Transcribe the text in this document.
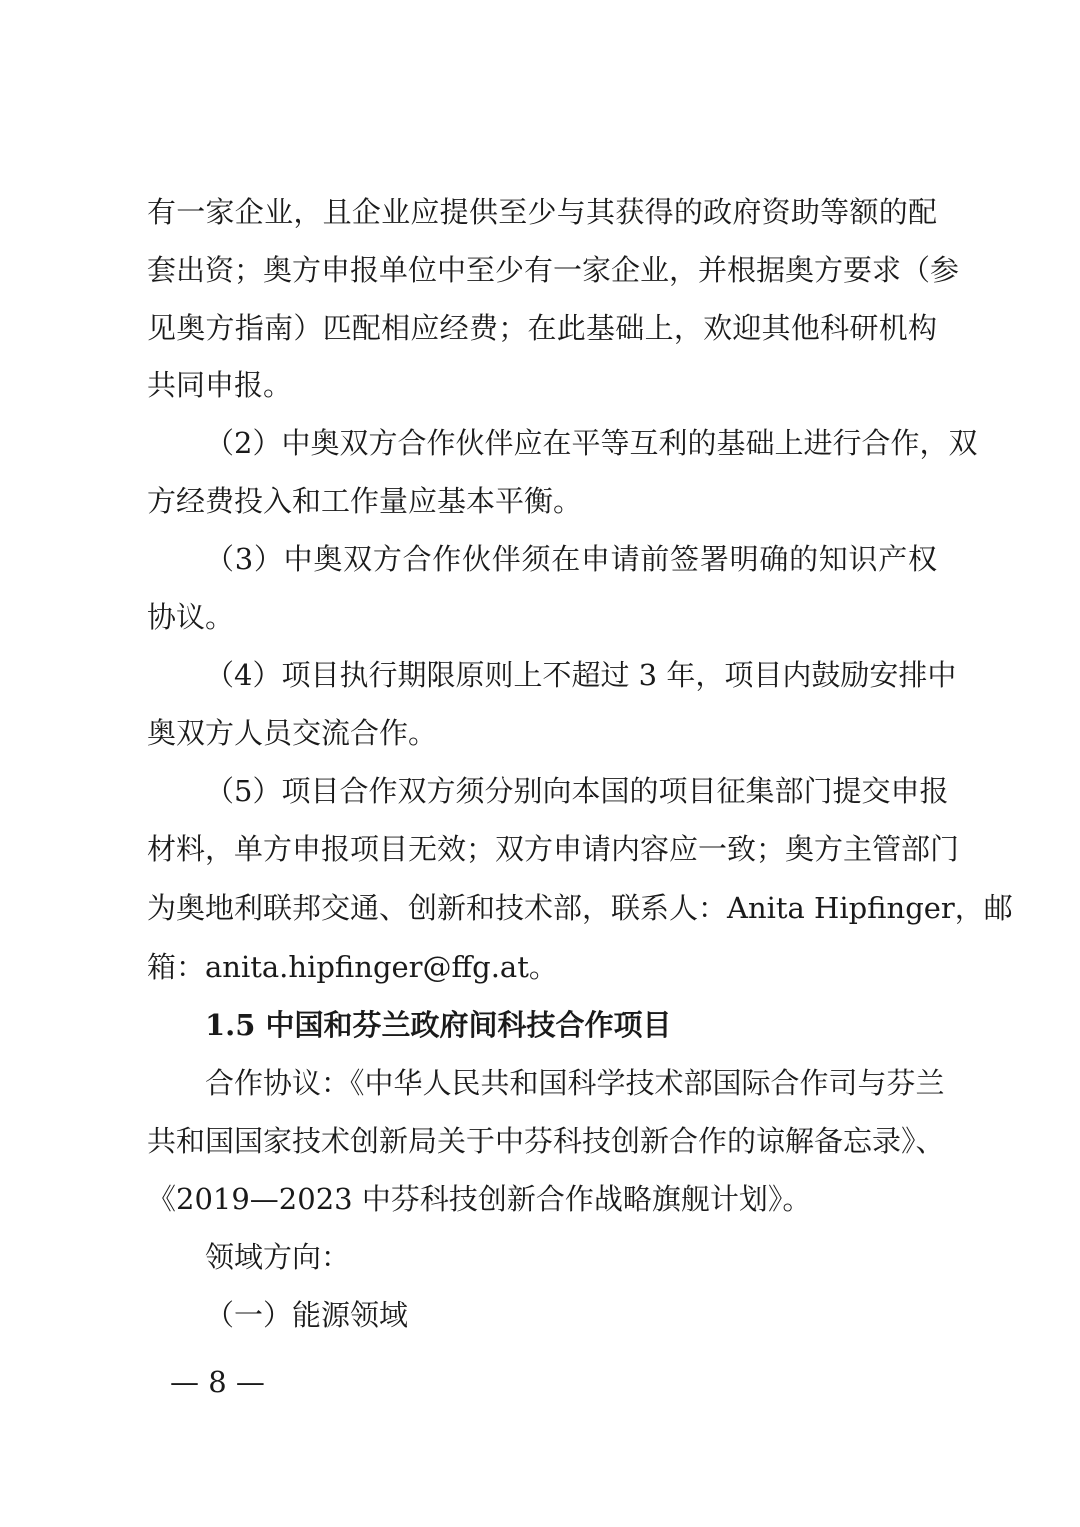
有一家企业，且企业应提供至少与其获得的政府资助等额的配
套出资；奥方申报单位中至少有一家企业，并根据奥方要求（参
见奥方指南）匹配相应经费；在此基础上，欢迎其他科研机构
共同申报。
（2）中奥双方合作伙伴应在平等互利的基础上进行合作，双
方经费投入和工作量应基本平衡。
（3）中奥双方合作伙伴须在申请前签署明确的知识产权
协议。
（4）项目执行期限原则上不超过 3 年，项目内鼓励安排中
奥双方人员交流合作。
（5）项目合作双方须分别向本国的项目征集部门提交申报
材料，单方申报项目无效；双方申请内容应一致；奥方主管部门
为奥地利联邦交通、创新和技术部，联系人：Anita Hipfinger，邮
箱：anita.hipfinger@ffg.at。
1.5 中国和芬兰政府间科技合作项目
合作协议：《中华人民共和国科学技术部国际合作司与芬兰
共和国国家技术创新局关于中芬科技创新合作的谅解备忘录》、
《2019—2023 中芬科技创新合作战略旗舰计划》。
领域方向：
（一）能源领域
— 8 —
